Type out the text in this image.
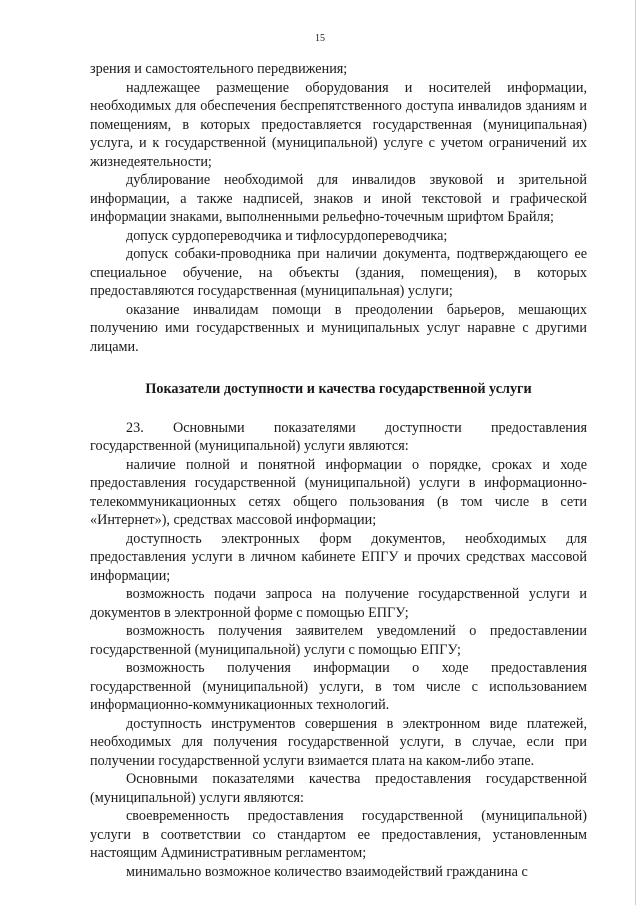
15

зрения и самостоятельного передвижения;

надлежащее размещение оборудования и носителей информации, необходимых для обеспечения беспрепятственного доступа инвалидов зданиям и помещениям, в которых предоставляется государственная (муниципальная) услуга, и к государственной (муниципальной) услуге с учетом ограничений их жизнедеятельности;

дублирование необходимой для инвалидов звуковой и зрительной информации, а также надписей, знаков и иной текстовой и графической информации знаками, выполненными рельефно-точечным шрифтом Брайля;

допуск сурдопереводчика и тифлосурдопереводчика;

допуск собаки-проводника при наличии документа, подтверждающего ее специальное обучение, на объекты (здания, помещения), в которых предоставляются государственная (муниципальная) услуги;

оказание инвалидам помощи в преодолении барьеров, мешающих получению ими государственных и муниципальных услуг наравне с другими лицами.

Показатели доступности и качества государственной услуги

23. Основными показателями доступности предоставления государственной (муниципальной) услуги являются:

наличие полной и понятной информации о порядке, сроках и ходе предоставления государственной (муниципальной) услуги в информационно-телекоммуникационных сетях общего пользования (в том числе в сети «Интернет»), средствах массовой информации;

доступность электронных форм документов, необходимых для предоставления услуги в личном кабинете ЕПГУ и прочих средствах массовой информации;

возможность подачи запроса на получение государственной услуги и документов в электронной форме с помощью ЕПГУ;

возможность получения заявителем уведомлений о предоставлении государственной (муниципальной) услуги с помощью ЕПГУ;

возможность получения информации о ходе предоставления государственной (муниципальной) услуги, в том числе с использованием информационно-коммуникационных технологий.

доступность инструментов совершения в электронном виде платежей, необходимых для получения государственной услуги, в случае, если при получении государственной услуги взимается плата на каком-либо этапе.

Основными показателями качества предоставления государственной (муниципальной) услуги являются:

своевременность предоставления государственной (муниципальной) услуги в соответствии со стандартом ее предоставления, установленным настоящим Административным регламентом;

минимально возможное количество взаимодействий гражданина с
